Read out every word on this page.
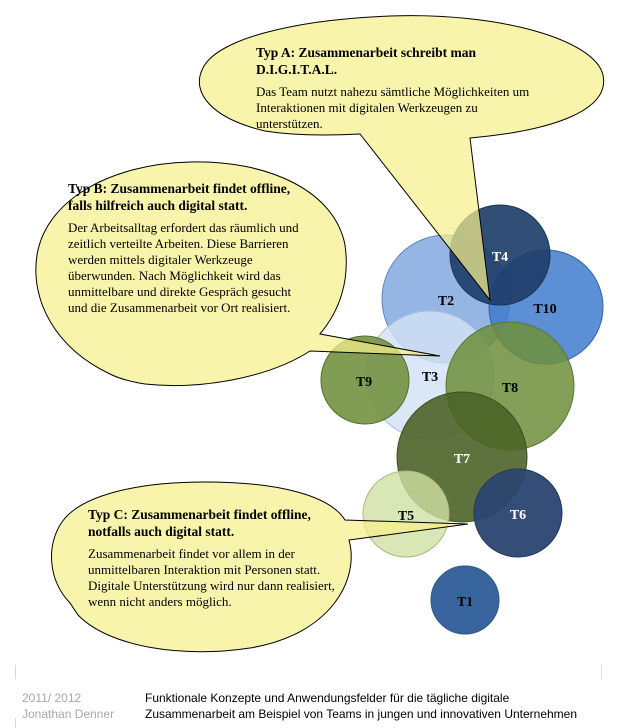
T2
T10
T4
T3
T9	T8
T7
T5	T6
T1

Typ A: Zusammenarbeit schreibt man D.I.G.I.T.A.L.

Das Team nutzt nahezu sämtliche Möglichkeiten um Interaktionen mit digitalen Werkzeugen zu unterstützen.

Typ B: Zusammenarbeit findet offline, falls hilfreich auch digital statt.

Der Arbeitsalltag erfordert das räumlich und zeitlich verteilte Arbeiten. Diese Barrieren werden mittels digitaler Werkzeuge überwunden. Nach Möglichkeit wird das unmittelbare und direkte Gespräch gesucht und die Zusammenarbeit vor Ort realisiert.

Typ C: Zusammenarbeit findet offline, notfalls auch digital statt.

Zusammenarbeit findet vor allem in der unmittelbaren Interaktion mit Personen statt. Digitale Unterstützung wird nur dann realisiert, wenn nicht anders möglich.

2011/ 2012
Jonathan Denner
Funktionale Konzepte und Anwendungsfelder für die tägliche digitale
Zusammenarbeit am Beispiel von Teams in jungen und innovativen Unternehmen
